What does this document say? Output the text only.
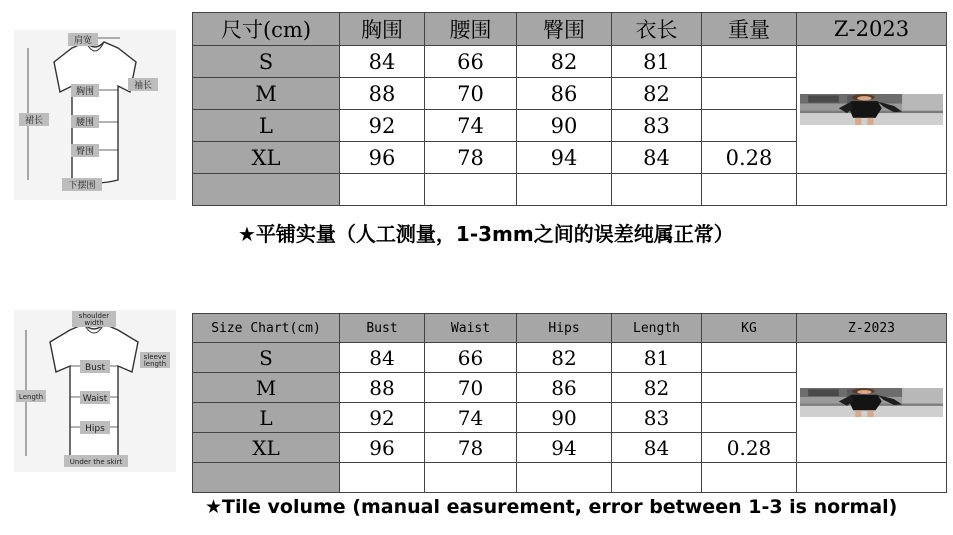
肩宽
袖长
裙长
胸围
腰围
臀围
下摆围
尺寸(cm)	胸围	腰围	臀围	衣长	重量	Z-2023
S	84	66	82	81		

M	88	70	86	82		
L	92	74	90	83		
XL	96	78	94	84	0.28	

★平铺实量（人工测量，1-3mm之间的误差纯属正常）
shoulder
width
sleeve
length
Length
Bust
Waist
Hips
Under the skirt
Size Chart(cm)	Bust	Waist	Hips	Length	KG	Z-2023
S	84	66	82	81		

M	88	70	86	82		
L	92	74	90	83		
XL	96	78	94	84	0.28	

★Tile volume (manual easurement, error between 1-3 is normal)
